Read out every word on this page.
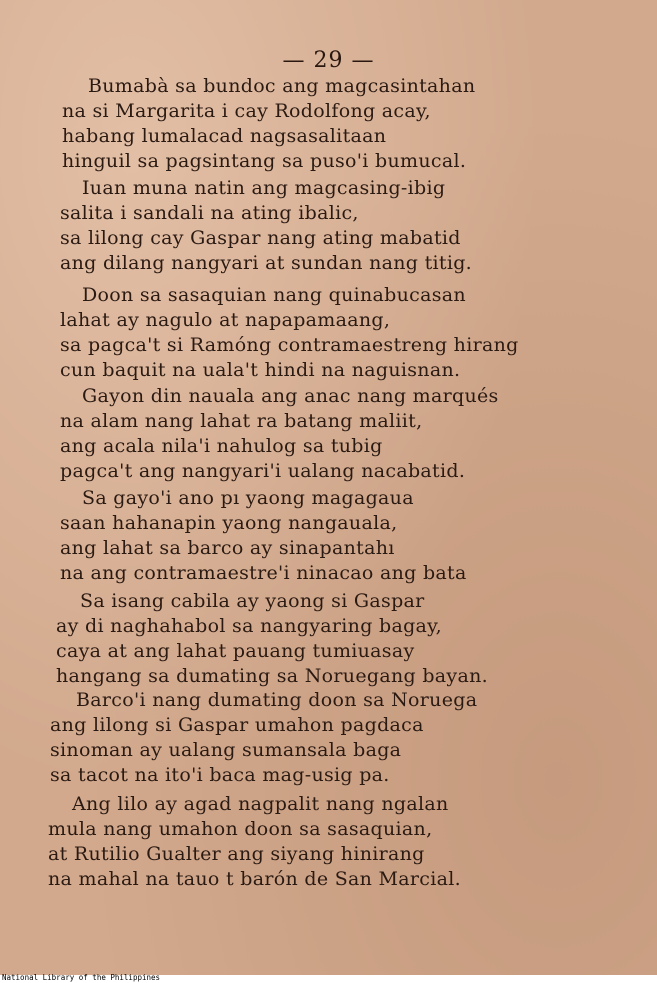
— 29 —
Bumabà sa bundoc ang magcasintahan
na si Margarita i cay Rodolfong acay,
habang lumalacad nagsasalitaan
hinguil sa pagsintang sa puso'i bumucal.
Iuan muna natin ang magcasing-ibig
salita i sandali na ating ibalic,
sa lilong cay Gaspar nang ating mabatid
ang dilang nangyari at sundan nang titig.
Doon sa sasaquian nang quinabucasan
lahat ay nagulo at napapamaang,
sa pagca't si Ramóng contramaestreng hirang
cun baquit na uala't hindi na naguisnan.
Gayon din nauala ang anac nang marqués
na alam nang lahat ra batang maliit,
ang acala nila'i nahulog sa tubig
pagca't ang nangyari'i ualang nacabatid.
Sa gayo'i ano pı yaong magagaua
saan hahanapin yaong nangauala,
ang lahat sa barco ay sinapantahı
na ang contramaestre'i ninacao ang bata
Sa isang cabila ay yaong si Gaspar
ay di naghahabol sa nangyaring bagay,
caya at ang lahat pauang tumiuasay
hangang sa dumating sa Noruegang bayan.
Barco'i nang dumating doon sa Noruega
ang lilong si Gaspar umahon pagdaca
sinoman ay ualang sumansala baga
sa tacot na ito'i baca mag-usig pa.
Ang lilo ay agad nagpalit nang ngalan
mula nang umahon doon sa sasaquian,
at Rutilio Gualter ang siyang hinirang
na mahal na tauo t barón de San Marcial.
National Library of the Philippines
